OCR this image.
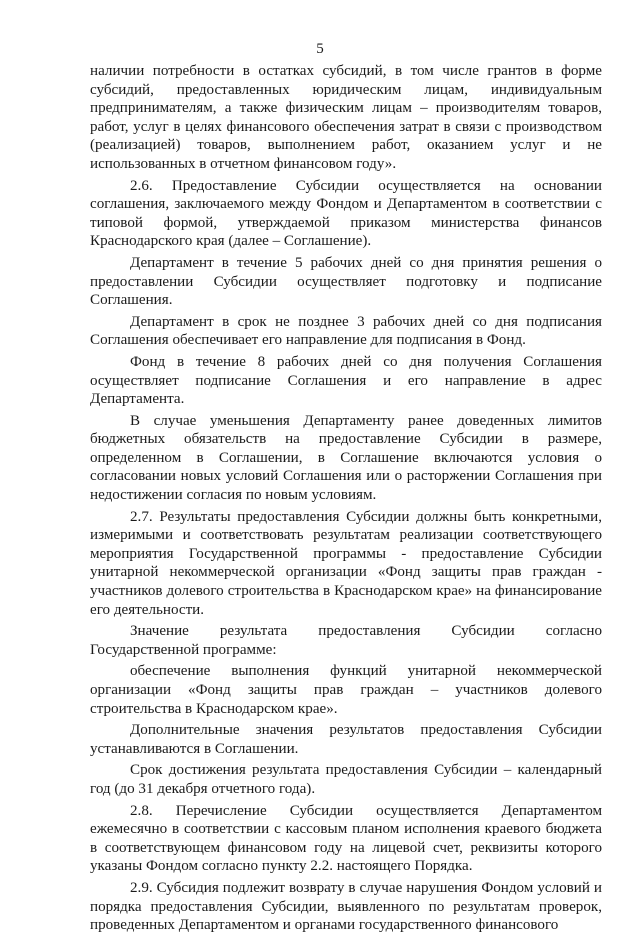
5

наличии потребности в остатках субсидий, в том числе грантов в форме субсидий, предоставленных юридическим лицам, индивидуальным предпринимателям, а также физическим лицам – производителям товаров, работ, услуг в целях финансового обеспечения затрат в связи с производством (реализацией) товаров, выполнением работ, оказанием услуг и не использованных в отчетном финансовом году».

2.6. Предоставление Субсидии осуществляется на основании соглашения, заключаемого между Фондом и Департаментом в соответствии с типовой формой, утверждаемой приказом министерства финансов Краснодарского края (далее – Соглашение).

Департамент в течение 5 рабочих дней со дня принятия решения о предоставлении Субсидии осуществляет подготовку и подписание Соглашения.

Департамент в срок не позднее 3 рабочих дней со дня подписания Соглашения обеспечивает его направление для подписания в Фонд.

Фонд в течение 8 рабочих дней со дня получения Соглашения осуществляет подписание Соглашения и его направление в адрес Департамента.

В случае уменьшения Департаменту ранее доведенных лимитов бюджетных обязательств на предоставление Субсидии в размере, определенном в Соглашении, в Соглашение включаются условия о согласовании новых условий Соглашения или о расторжении Соглашения при недостижении согласия по новым условиям.

2.7. Результаты предоставления Субсидии должны быть конкретными, измеримыми и соответствовать результатам реализации соответствующего мероприятия Государственной программы - предоставление Субсидии унитарной некоммерческой организации «Фонд защиты прав граждан - участников долевого строительства в Краснодарском крае» на финансирование его деятельности.

Значение результата предоставления Субсидии согласно Государственной программе:

обеспечение выполнения функций унитарной некоммерческой организации «Фонд защиты прав граждан – участников долевого строительства в Краснодарском крае».

Дополнительные значения результатов предоставления Субсидии устанавливаются в Соглашении.

Срок достижения результата предоставления Субсидии – календарный год (до 31 декабря отчетного года).

2.8. Перечисление Субсидии осуществляется Департаментом ежемесячно в соответствии с кассовым планом исполнения краевого бюджета в соответствующем финансовом году на лицевой счет, реквизиты которого указаны Фондом согласно пункту 2.2. настоящего Порядка.

2.9. Субсидия подлежит возврату в случае нарушения Фондом условий и порядка предоставления Субсидии, выявленного по результатам проверок, проведенных Департаментом и органами государственного финансового
